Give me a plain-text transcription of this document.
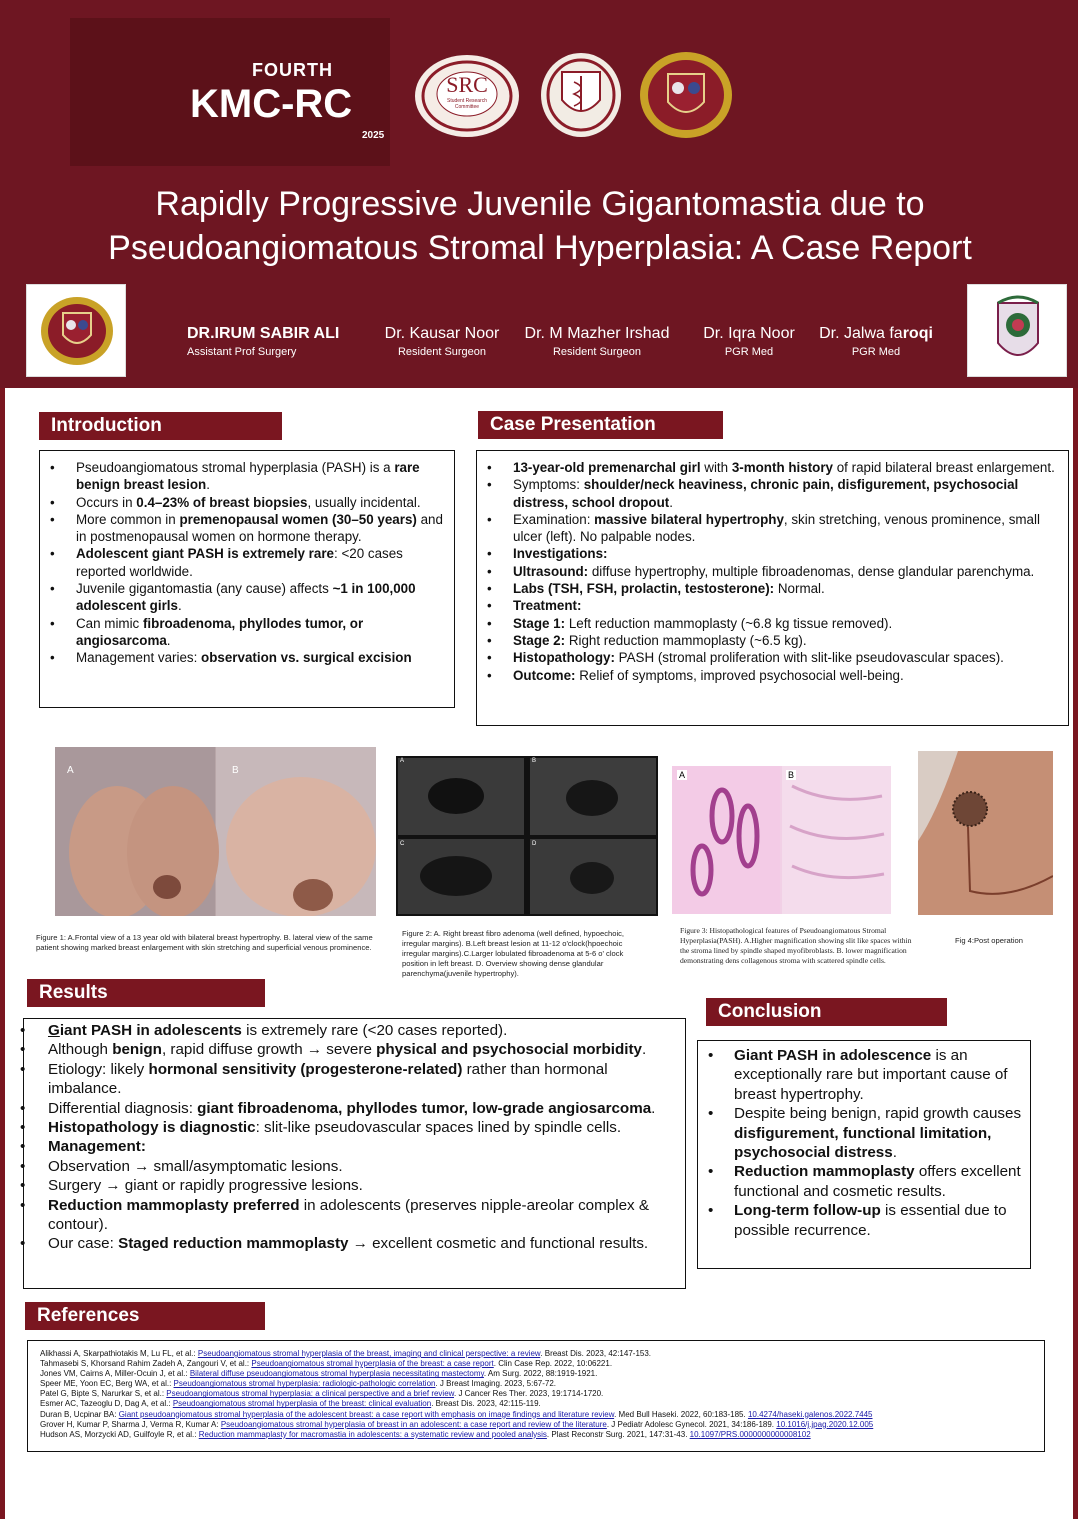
FOURTH
KMC-RC
2025
SRC
Student Research Committee
Rapidly Progressive Juvenile Gigantomastia due to
Pseudoangiomatous Stromal Hyperplasia: A Case Report
DR.IRUM SABIR ALI
Assistant Prof Surgery
Dr. Kausar Noor
Resident Surgeon
Dr. M Mazher Irshad
Resident Surgeon
Dr. Iqra Noor
PGR Med
Dr. Jalwa faroqi
PGR Med
Introduction
• Pseudoangiomatous stromal hyperplasia (PASH) is a rare benign breast lesion.
• Occurs in 0.4–23% of breast biopsies, usually incidental.
• More common in premenopausal women (30–50 years) and in postmenopausal women on hormone therapy.
• Adolescent giant PASH is extremely rare: <20 cases reported worldwide.
• Juvenile gigantomastia (any cause) affects ~1 in 100,000 adolescent girls.
• Can mimic fibroadenoma, phyllodes tumor, or angiosarcoma.
• Management varies: observation vs. surgical excision
Case Presentation
• 13-year-old premenarchal girl with 3-month history of rapid bilateral breast enlargement.
• Symptoms: shoulder/neck heaviness, chronic pain, disfigurement, psychosocial distress, school dropout.
• Examination: massive bilateral hypertrophy, skin stretching, venous prominence, small ulcer (left). No palpable nodes.
• Investigations:
• Ultrasound: diffuse hypertrophy, multiple fibroadenomas, dense glandular parenchyma.
• Labs (TSH, FSH, prolactin, testosterone): Normal.
• Treatment:
• Stage 1: Left reduction mammoplasty (~6.8 kg tissue removed).
• Stage 2: Right reduction mammoplasty (~6.5 kg).
• Histopathology: PASH (stromal proliferation with slit-like pseudovascular spaces).
• Outcome: Relief of symptoms, improved psychosocial well-being.
A	B
Figure 1: A.Frontal view of a 13 year old with bilateral breast hypertrophy. B. lateral view of the same patient showing marked breast enlargement with skin stretching and superficial venous prominence.
A	B
C	D
Figure 2: A. Right breast fibro adenoma (well defined, hypoechoic, irregular margins). B.Left breast lesion at 11-12 o'clock(hpoechoic irregular margins).C.Larger lobulated fibroadenoma at 5-6 o' clock position in left breast. D. Overview showing dense glandular parenchyma(juvenile hypertrophy).
A	B
Figure 3: Histopathological features of Pseudoangiomatous Stromal Hyperplasia(PASH). A.Higher magnification showing slit like spaces within the stroma lined by spindle shaped myofibroblasts. B. lower magnification demonstrating dens collagenous stroma with scattered spindle cells.
Fig 4:Post operation
Results
• Giant PASH in adolescents is extremely rare (<20 cases reported).
• Although benign, rapid diffuse growth → severe physical and psychosocial morbidity.
• Etiology: likely hormonal sensitivity (progesterone-related) rather than hormonal imbalance.
• Differential diagnosis: giant fibroadenoma, phyllodes tumor, low-grade angiosarcoma.
• Histopathology is diagnostic: slit-like pseudovascular spaces lined by spindle cells.
• Management:
• Observation → small/asymptomatic lesions.
• Surgery → giant or rapidly progressive lesions.
• Reduction mammoplasty preferred in adolescents (preserves nipple-areolar complex & contour).
• Our case: Staged reduction mammoplasty → excellent cosmetic and functional results.
Conclusion
• Giant PASH in adolescence is an exceptionally rare but important cause of breast hypertrophy.
• Despite being benign, rapid growth causes disfigurement, functional limitation, psychosocial distress.
• Reduction mammoplasty offers excellent functional and cosmetic results.
• Long-term follow-up is essential due to possible recurrence.
References
Alikhassi A, Skarpathiotakis M, Lu FL, et al.: Pseudoangiomatous stromal hyperplasia of the breast, imaging and clinical perspective: a review. Breast Dis. 2023, 42:147-153.
Tahmasebi S, Khorsand Rahim Zadeh A, Zangouri V, et al.: Pseudoangiomatous stromal hyperplasia of the breast: a case report. Clin Case Rep. 2022, 10:06221.
Jones VM, Cairns A, Miller-Ocuin J, et al.: Bilateral diffuse pseudoangiomatous stromal hyperplasia necessitating mastectomy. Am Surg. 2022, 88:1919-1921.
Speer ME, Yoon EC, Berg WA, et al.: Pseudoangiomatous stromal hyperplasia: radiologic-pathologic correlation. J Breast Imaging. 2023, 5:67-72.
Patel G, Bipte S, Narurkar S, et al.: Pseudoangiomatous stromal hyperplasia: a clinical perspective and a brief review. J Cancer Res Ther. 2023, 19:1714-1720.
Esmer AC, Tazeoglu D, Dag A, et al.: Pseudoangiomatous stromal hyperplasia of the breast: clinical evaluation. Breast Dis. 2023, 42:115-119.
Duran B, Ucpinar BA: Giant pseudoangiomatous stromal hyperplasia of the adolescent breast: a case report with emphasis on image findings and literature review. Med Bull Haseki. 2022, 60:183-185. 10.4274/haseki.galenos.2022.7445
Grover H, Kumar P, Sharma J, Verma R, Kumar A: Pseudoangiomatous stromal hyperplasia of breast in an adolescent: a case report and review of the literature. J Pediatr Adolesc Gynecol. 2021, 34:186-189. 10.1016/j.jpag.2020.12.005
Hudson AS, Morzycki AD, Guilfoyle R, et al.: Reduction mammaplasty for macromastia in adolescents: a systematic review and pooled analysis. Plast Reconstr Surg. 2021, 147:31-43. 10.1097/PRS.0000000000008102
